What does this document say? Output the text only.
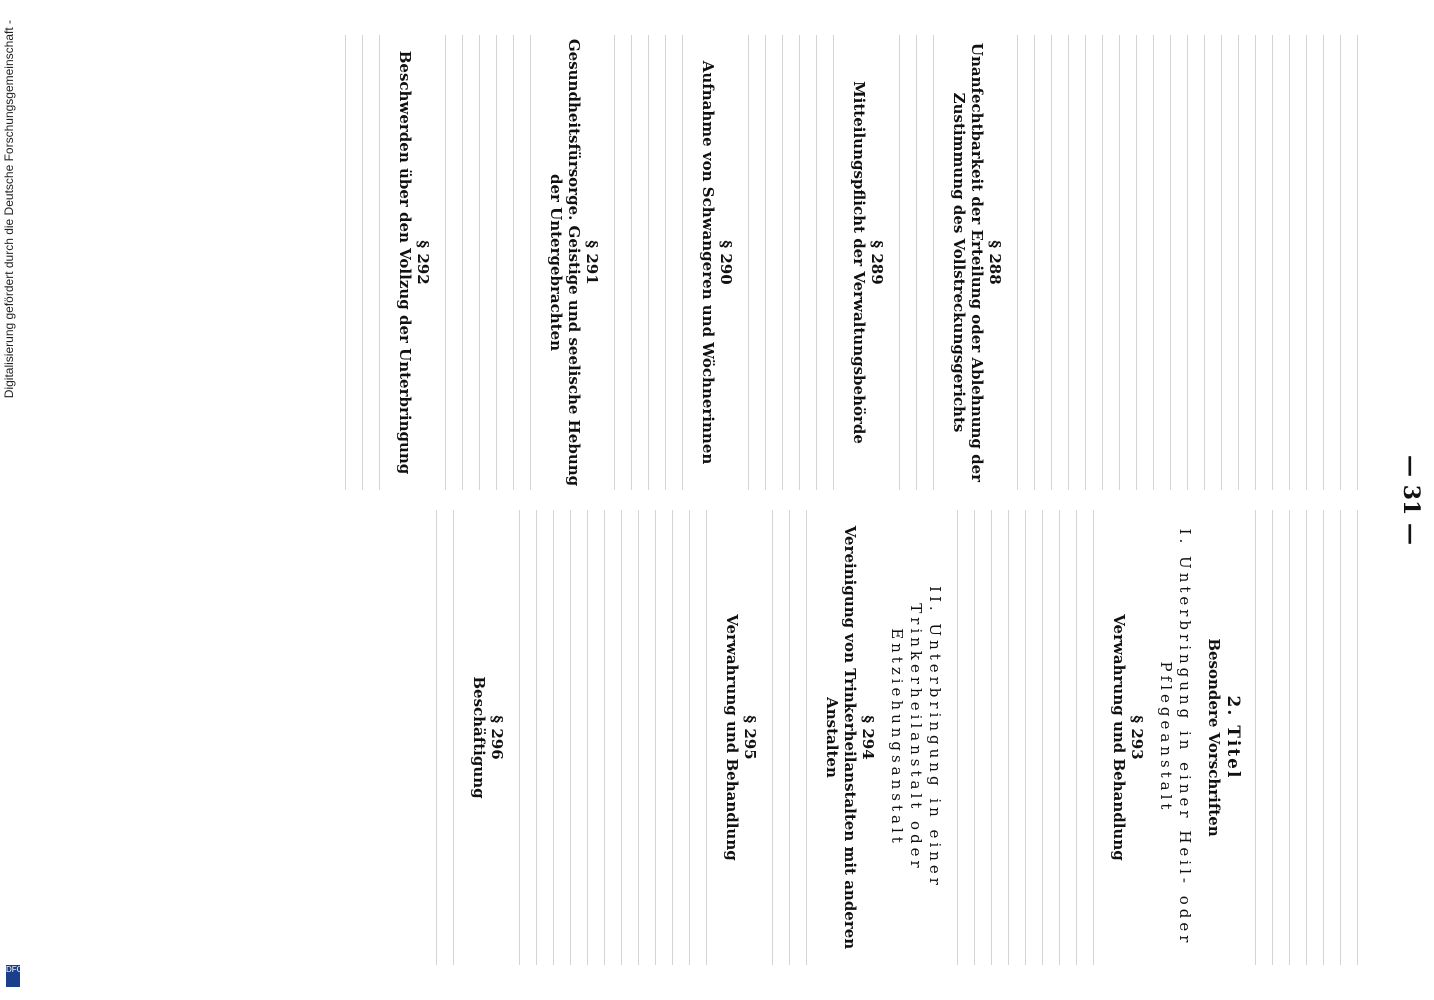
— 31 —
§ 288
Unanfechtbarkeit der Erteilung oder Ablehnung der Zustimmung des Vollstreckungsgerichts
§ 289
Mitteilungspflicht der Verwaltungsbehörde
§ 290
Aufnahme von Schwangeren und Wöchnerinnen
§ 291
Gesundheitsfürsorge. Geistige und seelische Hebung der Untergebrachten
§ 292
Beschwerden über den Vollzug der Unterbringung
2. Titel
Besondere Vorschriften
I. Unterbringung in einer Heil- oder Pflegeanstalt
§ 293
Verwahrung und Behandlung
II. Unterbringung in einer Trinkerheilanstalt oder Entziehungsanstalt
§ 294
Vereinigung von Trinkerheilanstalten mit anderen Anstalten
§ 295
Verwahrung und Behandlung
§ 296
Beschäftigung
Digitalisierung gefördert durch die Deutsche Forschungsgemeinschaft -
DFG
